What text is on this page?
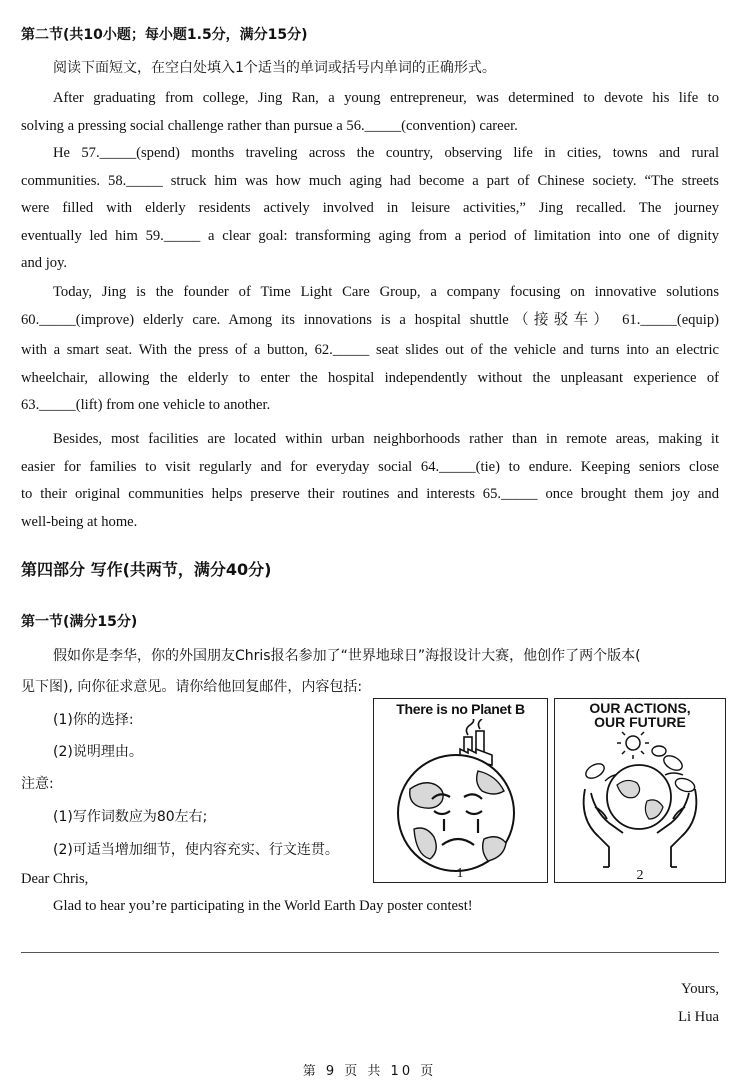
第二节(共10小题；每小题1.5分，满分15分)
阅读下面短文，在空白处填入1个适当的单词或括号内单词的正确形式。
After graduating from college, Jing Ran, a young entrepreneur, was determined to devote his life to
solving a pressing social challenge rather than pursue a 56._____(convention) career.
He 57._____(spend) months traveling across the country, observing life in cities, towns and rural
communities. 58._____ struck him was how much aging had become a part of Chinese society. “The streets
were filled with elderly residents actively involved in leisure activities,” Jing recalled. The journey
eventually led him 59._____ a clear goal: transforming aging from a period of limitation into one of dignity
and joy.
Today, Jing is the founder of Time Light Care Group, a company focusing on innovative solutions
60._____(improve) elderly care. Among its innovations is a hospital shuttle（接驳车） 61._____(equip)
with a smart seat. With the press of a button, 62._____ seat slides out of the vehicle and turns into an electric
wheelchair, allowing the elderly to enter the hospital independently without the unpleasant experience of
63._____(lift) from one vehicle to another.
Besides, most facilities are located within urban neighborhoods rather than in remote areas, making it
easier for families to visit regularly and for everyday social 64._____(tie) to endure. Keeping seniors close
to their original communities helps preserve their routines and interests 65._____ once brought them joy and
well-being at home.
第四部分 写作(共两节，满分40分)
第一节(满分15分)
假如你是李华，你的外国朋友Chris报名参加了“世界地球日”海报设计大赛，他创作了两个版本(
见下图), 向你征求意见。请你给他回复邮件，内容包括:
(1)你的选择:
(2)说明理由。
注意:
(1)写作词数应为80左右;
(2)可适当增加细节，使内容充实、行文连贯。
Dear Chris,
Glad to hear you’re participating in the World Earth Day poster contest!
There is no Planet B
1
OUR ACTIONS,
OUR FUTURE
2
Yours,
Li Hua
第 9 页 共 10 页
